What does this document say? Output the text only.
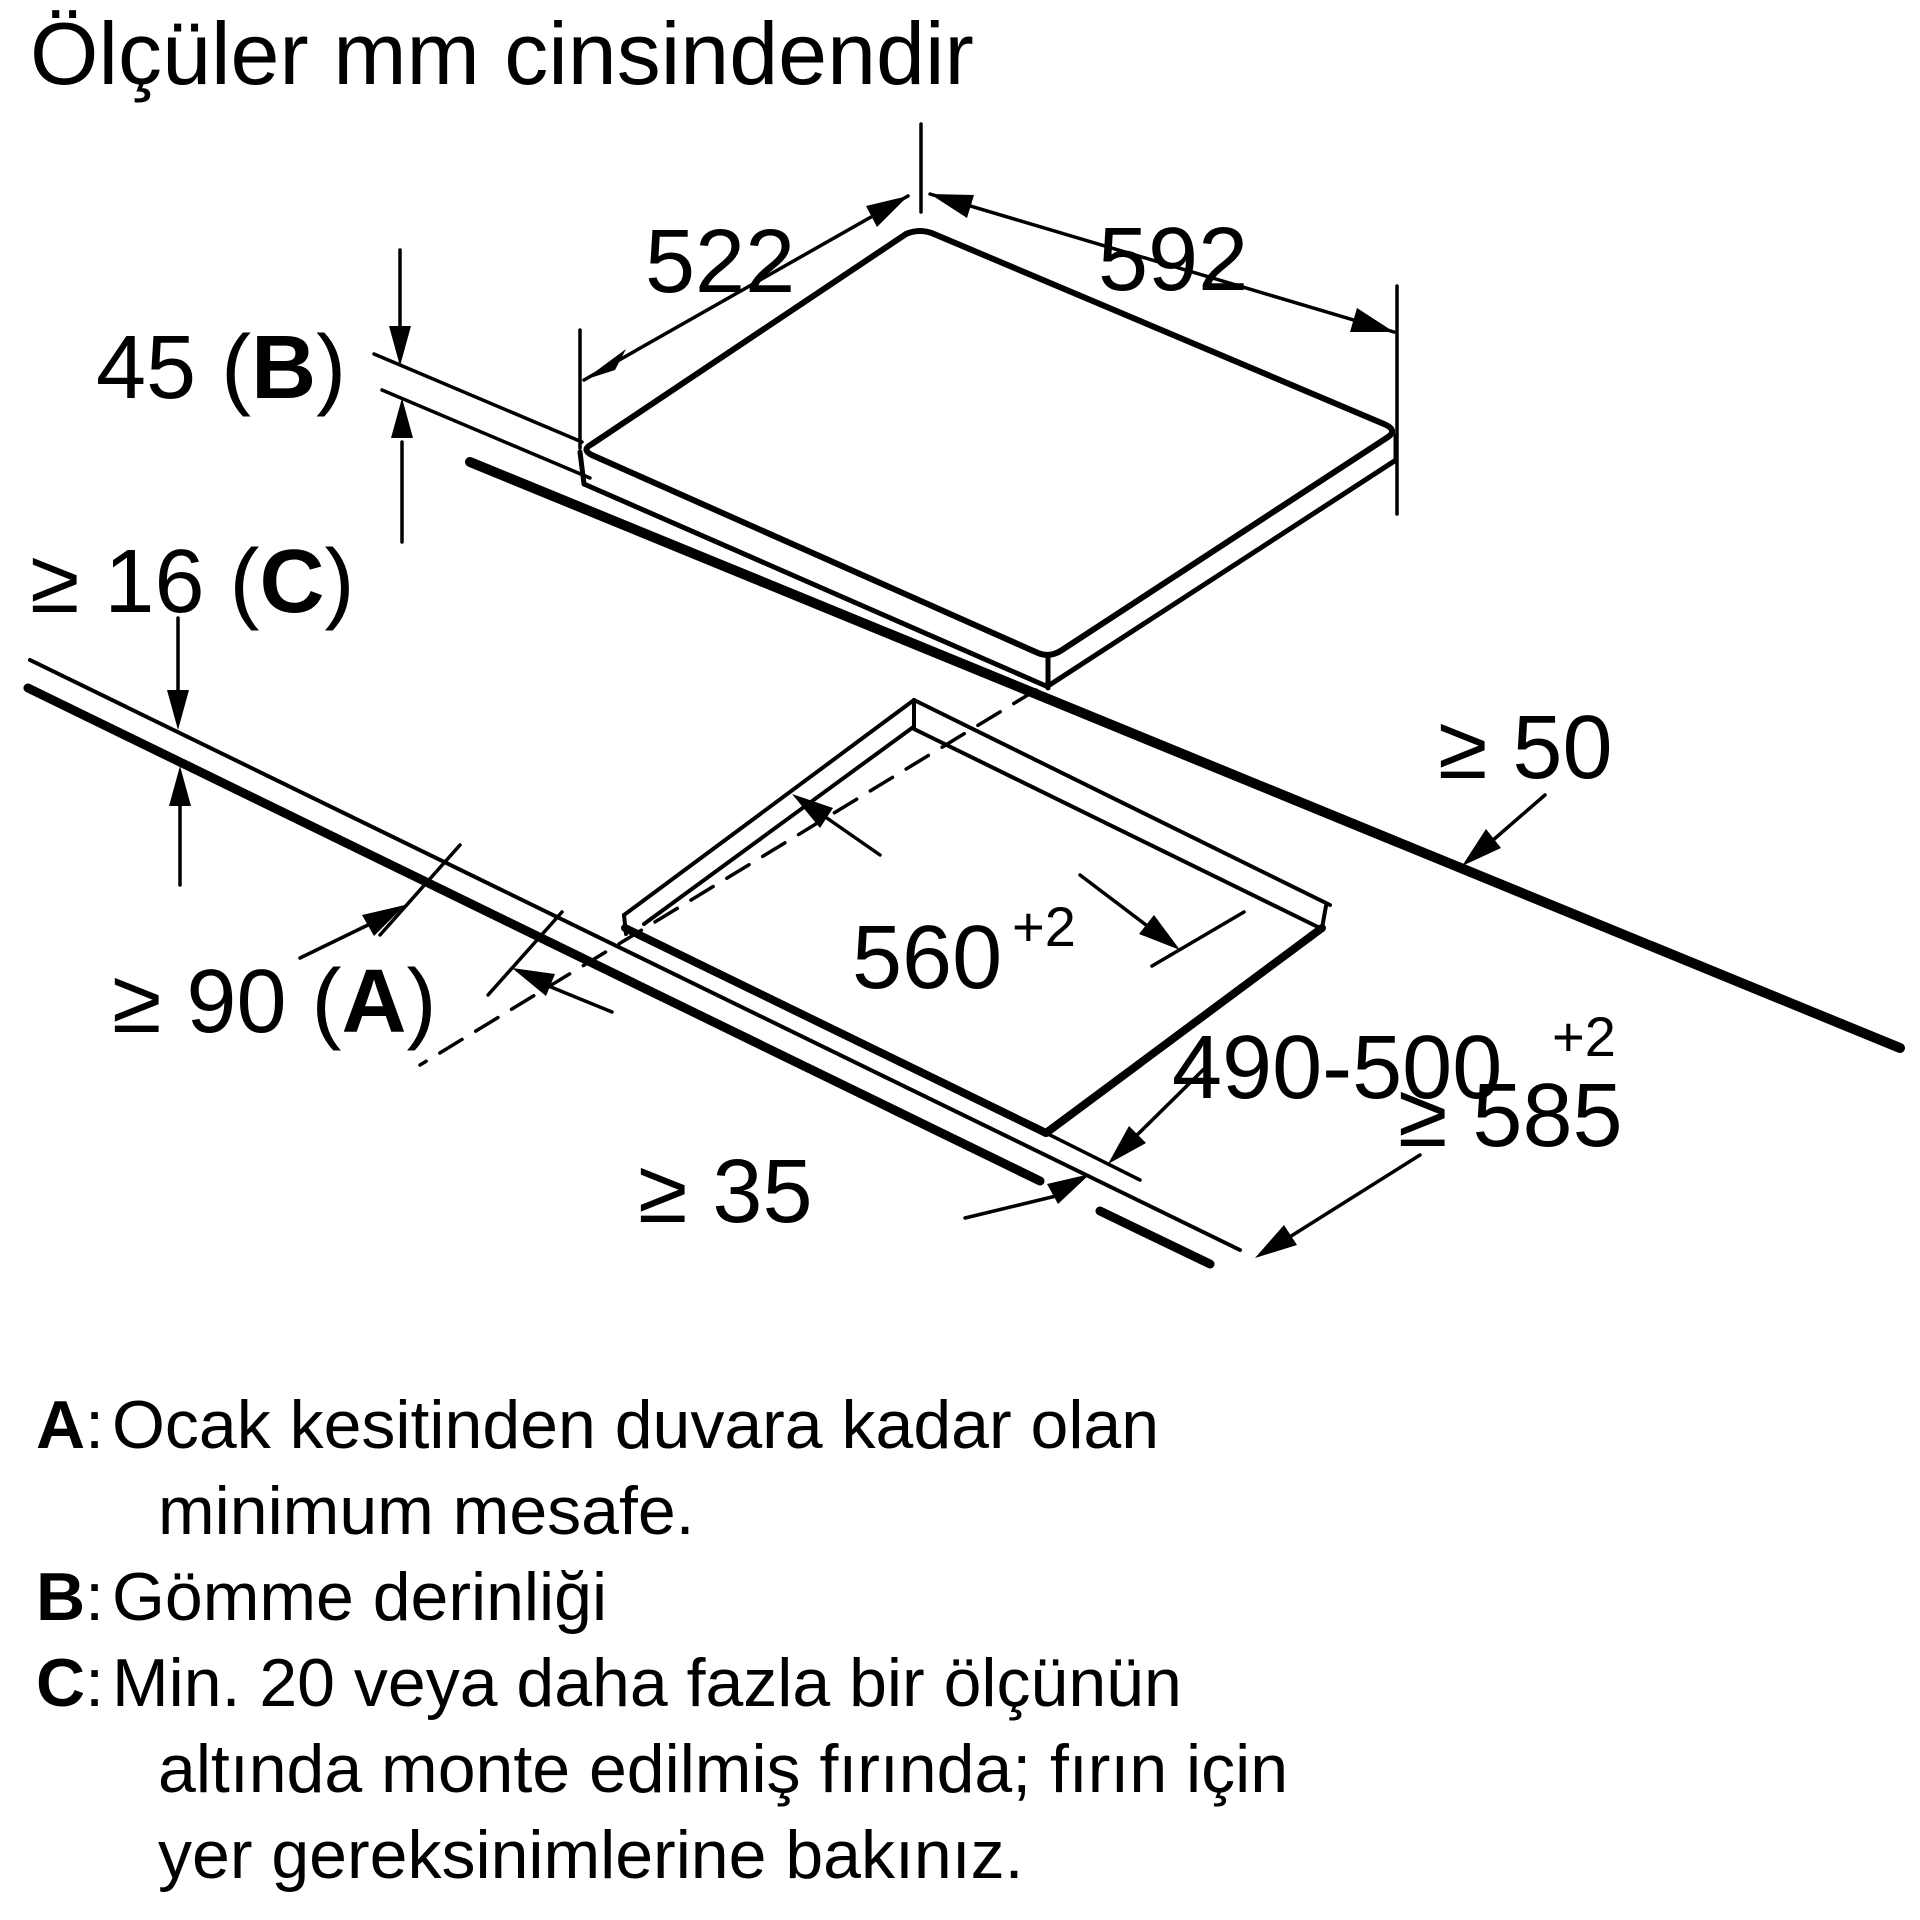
Ölçüler mm cinsindendir
522	592
45 (B)
≥ 16 (C)
≥ 90 (A)
≥ 50
560 +2
490-500 +2
≥ 35
≥ 585
A: Ocak kesitinden duvara kadar olan
minimum mesafe.
B: Gömme derinliği
C: Min. 20 veya daha fazla bir ölçünün
altında monte edilmiş fırında; fırın için
yer gereksinimlerine bakınız.
